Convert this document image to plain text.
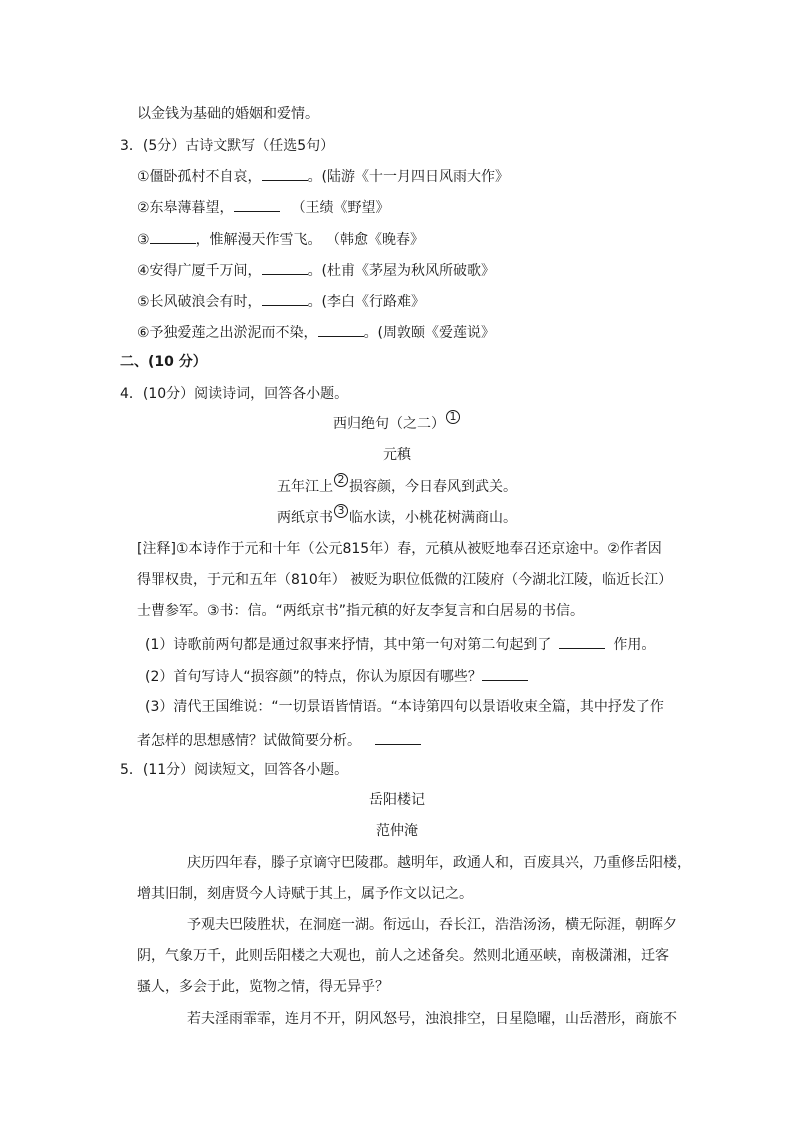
以金钱为基础的婚姻和爱情。
3．(5分）古诗文默写（任选5句）
①僵卧孤村不自哀，	。(陆游《十一月四日风雨大作》
②东皋薄暮望，	（王绩《野望》
③	，惟解漫天作雪飞。 （韩愈《晚春》
④安得广厦千万间，	。(杜甫《茅屋为秋风所破歌》
⑤长风破浪会有时，	。(李白《行路难》
⑥予独爱莲之出淤泥而不染，	。(周敦颐《爱莲说》
二、(10 分）
4．(10分）阅读诗词，回答各小题。
西归绝句（之二） 1
元稹
五年江上 2 损容颜，今日春风到武关。
两纸京书 3 临水读，小桃花树满商山。
[注释]①本诗作于元和十年（公元815年）春，元稹从被贬地奉召还京途中。②作者因
得罪权贵，于元和五年（810年） 被贬为职位低微的江陵府（今湖北江陵，临近长江）
士曹参军。③书：信。“两纸京书”指元稹的好友李复言和白居易的书信。
(1）诗歌前两句都是通过叙事来抒情，其中第一句对第二句起到了	作用。
(2）首句写诗人“损容颜”的特点，你认为原因有哪些？
(3）清代王国维说：“一切景语皆情语。“本诗第四句以景语收束全篇，其中抒发了作
者怎样的思想感情？试做简要分析。
5．(11分）阅读短文，回答各小题。
岳阳楼记
范仲淹
庆历四年春，滕子京谪守巴陵郡。越明年，政通人和，百废具兴，乃重修岳阳楼，
增其旧制，刻唐贤今人诗赋于其上，属予作文以记之。
予观夫巴陵胜状，在洞庭一湖。衔远山，吞长江，浩浩汤汤，横无际涯，朝晖夕
阴，气象万千，此则岳阳楼之大观也，前人之述备矣。然则北通巫峡，南极潇湘，迁客
骚人，多会于此，览物之情，得无异乎？
若夫淫雨霏霏，连月不开，阴风怒号，浊浪排空，日星隐曜，山岳潜形，商旅不
